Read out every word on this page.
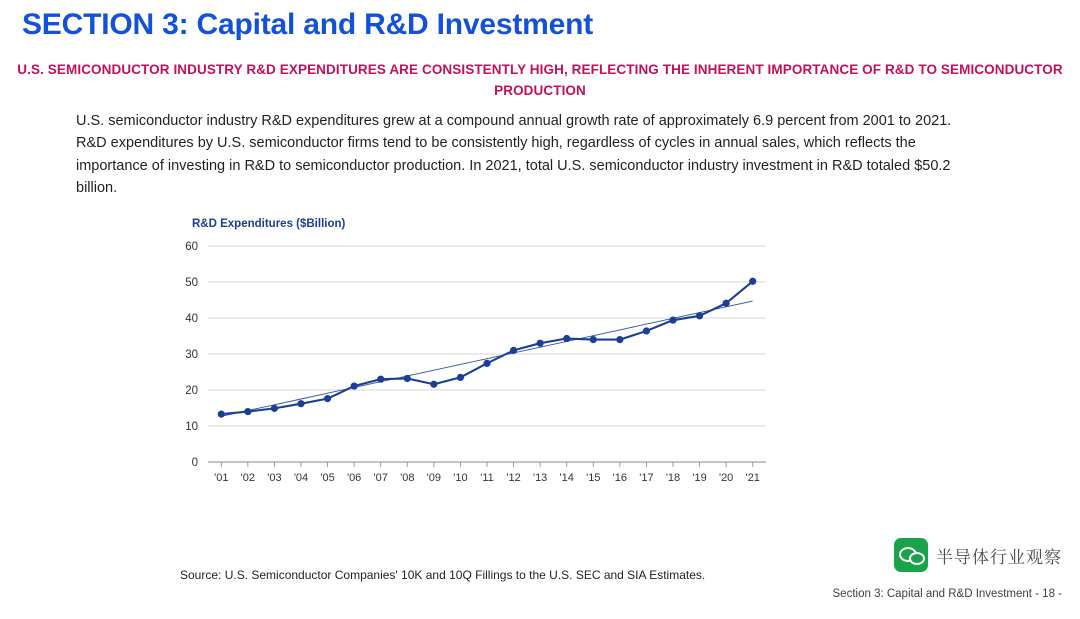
SECTION 3: Capital and R&D Investment
U.S. SEMICONDUCTOR INDUSTRY R&D EXPENDITURES ARE CONSISTENTLY HIGH, REFLECTING THE INHERENT IMPORTANCE OF R&D TO SEMICONDUCTOR PRODUCTION
U.S. semiconductor industry R&D expenditures grew at a compound annual growth rate of approximately 6.9 percent from 2001 to 2021. R&D expenditures by U.S. semiconductor firms tend to be consistently high, regardless of cycles in annual sales, which reflects the importance of investing in R&D to semiconductor production. In 2021, total U.S. semiconductor industry investment in R&D totaled $50.2 billion.
R&D Expenditures ($Billion)
0
10
20
30
40
50
60
'01 '02 '03 '04 '05 '06 '07 '08 '09 '10 '11 '12 '13 '14 '15 '16 '17 '18 '19 '20 '21
Source: U.S. Semiconductor Companies' 10K and 10Q Fillings to the U.S. SEC and SIA Estimates.
半导体行业观察
Section 3: Capital and R&D Investment - 18 -
